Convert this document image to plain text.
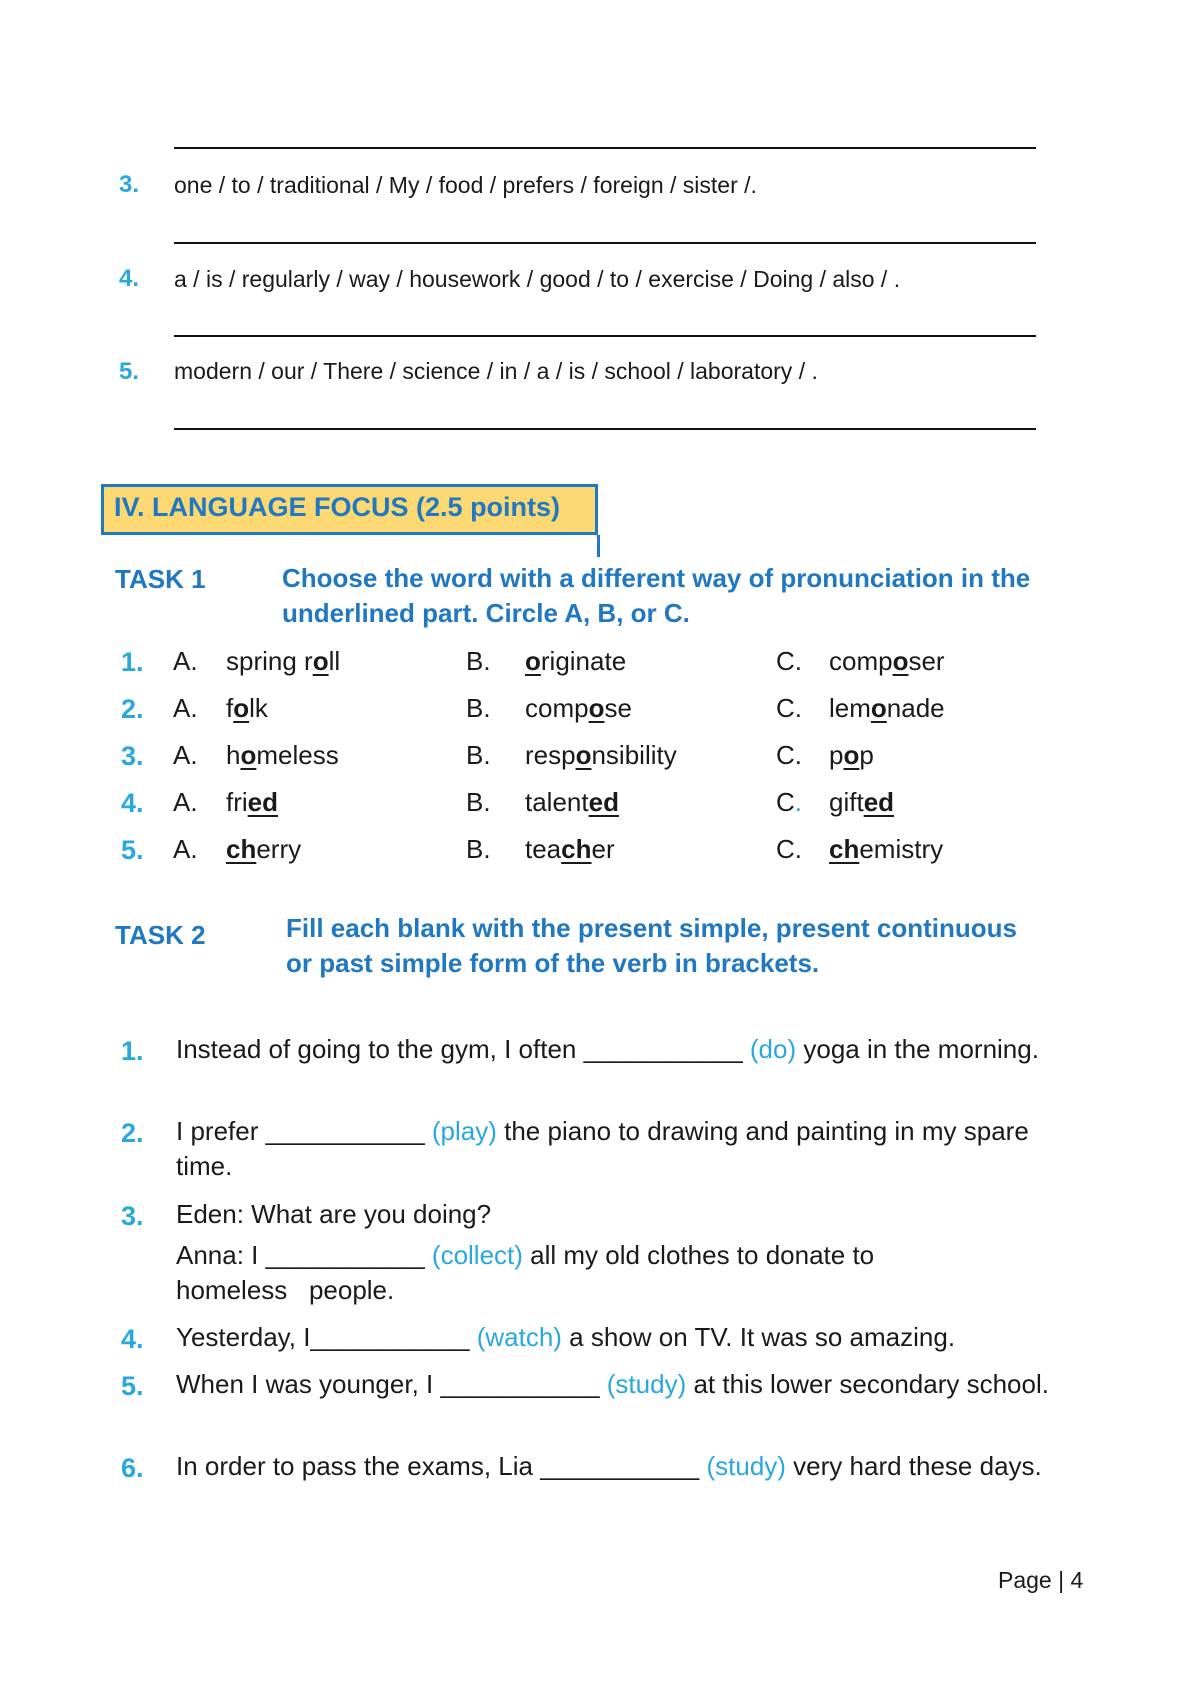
3. one / to / traditional / My / food / prefers / foreign / sister /.
4. a / is / regularly / way / housework / good / to / exercise / Doing / also / .
5. modern / our / There / science / in / a / is / school / laboratory / .
IV. LANGUAGE FOCUS (2.5 points)
TASK 1	Choose the word with a different way of pronunciation in the underlined part. Circle A, B, or C.
1. A. spring roll	B. originate	C. composer
2. A. folk	B. compose	C. lemonade
3. A. homeless	B. responsibility	C. pop
4. A. fried	B. talented	C. gifted
5. A. cherry	B. teacher	C. chemistry
TASK 2	Fill each blank with the present simple, present continuous or past simple form of the verb in brackets.
1. Instead of going to the gym, I often ___________ (do) yoga in the morning.
2. I prefer ___________ (play) the piano to drawing and painting in my spare time.
3. Eden: What are you doing?
Anna: I ___________ (collect) all my old clothes to donate to homeless   people.
4. Yesterday, I___________ (watch) a show on TV. It was so amazing.
5. When I was younger, I ___________ (study) at this lower secondary school.
6. In order to pass the exams, Lia ___________ (study) very hard these days.
Page | 4
